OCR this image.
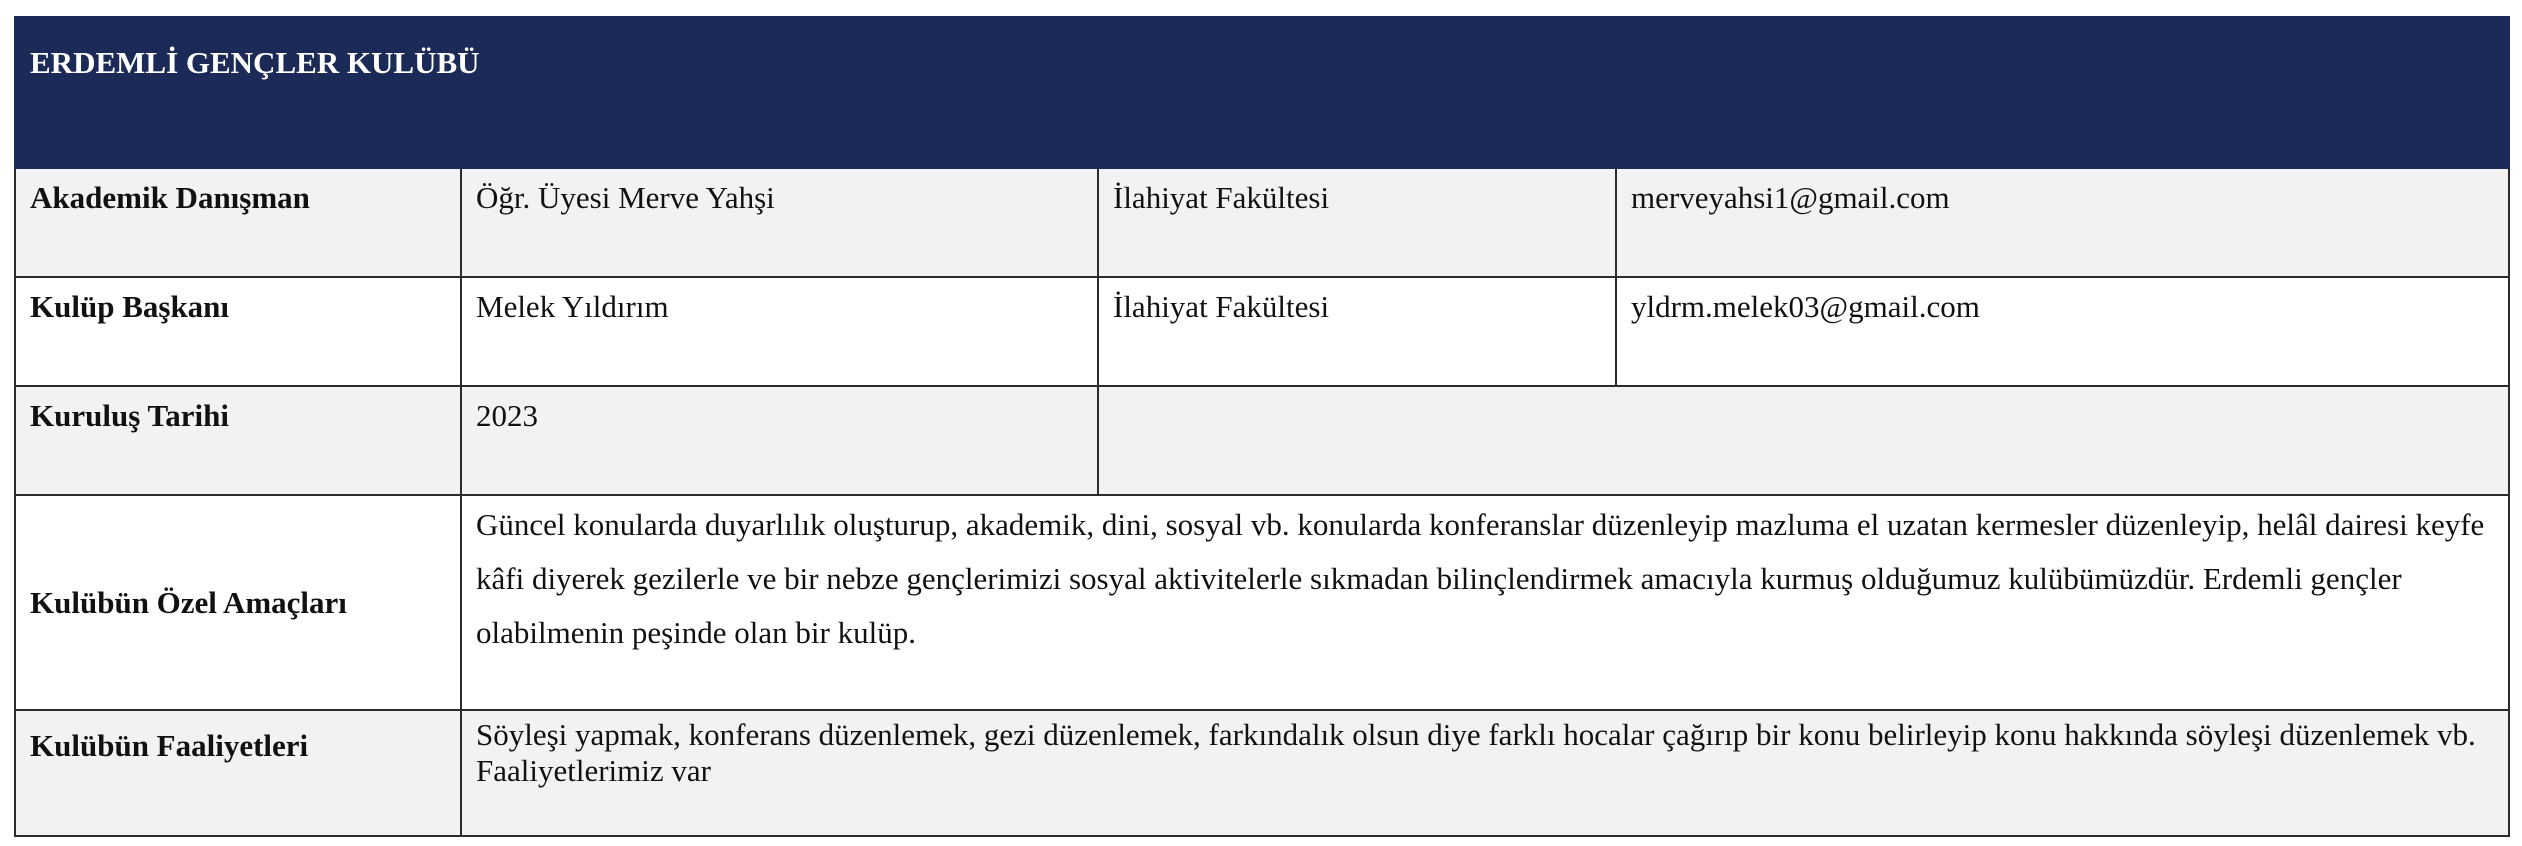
ERDEMLİ GENÇLER KULÜBÜ			
Akademik Danışman	Öğr. Üyesi Merve Yahşi	İlahiyat Fakültesi	merveyahsi1@gmail.com
Kulüp Başkanı	Melek Yıldırım	İlahiyat Fakültesi	yldrm.melek03@gmail.com
Kuruluş Tarihi	2023		
Kulübün Özel Amaçları	Güncel konularda duyarlılık oluşturup, akademik, dini, sosyal vb. konularda konferanslar düzenleyip mazluma el uzatan kermesler düzenleyip, helâl dairesi keyfe kâfi diyerek gezilerle ve bir nebze gençlerimizi sosyal aktivitelerle sıkmadan bilinçlendirmek amacıyla kurmuş olduğumuz kulübümüzdür. Erdemli gençler olabilmenin peşinde olan bir kulüp.		
Kulübün Faaliyetleri	Söyleşi yapmak, konferans düzenlemek, gezi düzenlemek, farkındalık olsun diye farklı hocalar çağırıp bir konu belirleyip konu hakkında söyleşi düzenlemek vb. Faaliyetlerimiz var		
